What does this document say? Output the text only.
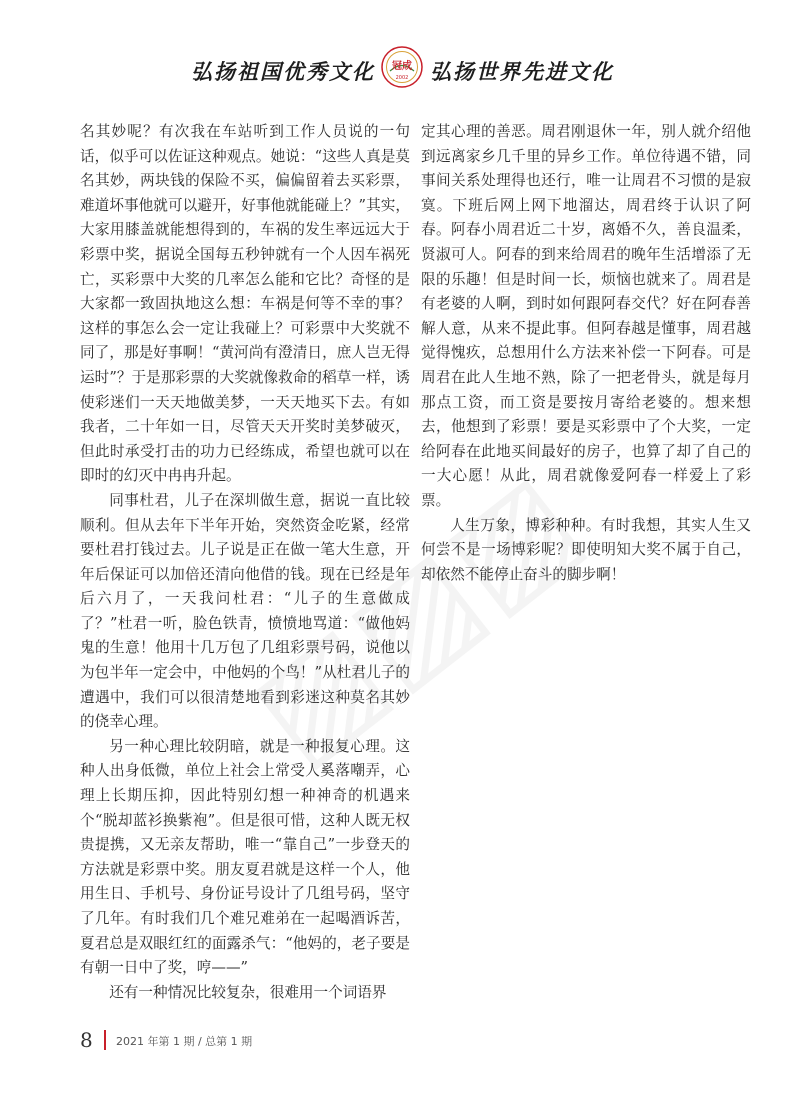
弘扬祖国优秀文化 冠成
2002 弘扬世界先进文化

名其妙呢？有次我在车站听到工作人员说的一句话，似乎可以佐证这种观点。她说：“这些人真是莫名其妙，两块钱的保险不买，偏偏留着去买彩票，难道坏事他就可以避开，好事他就能碰上？”其实，大家用膝盖就能想得到的，车祸的发生率远远大于彩票中奖，据说全国每五秒钟就有一个人因车祸死亡，买彩票中大奖的几率怎么能和它比？奇怪的是大家都一致固执地这么想：车祸是何等不幸的事？这样的事怎么会一定让我碰上？可彩票中大奖就不同了，那是好事啊！“黄河尚有澄清日，庶人岂无得运时”？于是那彩票的大奖就像救命的稻草一样，诱使彩迷们一天天地做美梦，一天天地买下去。有如我者，二十年如一日，尽管天天开奖时美梦破灭，但此时承受打击的功力已经练成，希望也就可以在即时的幻灭中冉冉升起。

同事杜君，儿子在深圳做生意，据说一直比较顺利。但从去年下半年开始，突然资金吃紧，经常要杜君打钱过去。儿子说是正在做一笔大生意，开年后保证可以加倍还清向他借的钱。现在已经是年后六月了，一天我问杜君：“儿子的生意做成了？”杜君一听，脸色铁青，愤愤地骂道：“做他妈鬼的生意！他用十几万包了几组彩票号码，说他以为包半年一定会中，中他妈的个鸟！”从杜君儿子的遭遇中，我们可以很清楚地看到彩迷这种莫名其妙的侥幸心理。

另一种心理比较阴暗，就是一种报复心理。这种人出身低微，单位上社会上常受人奚落嘲弄，心理上长期压抑，因此特别幻想一种神奇的机遇来个“脱却蓝衫换紫袍”。但是很可惜，这种人既无权贵提携，又无亲友帮助，唯一“靠自己”一步登天的方法就是彩票中奖。朋友夏君就是这样一个人，他用生日、手机号、身份证号设计了几组号码，坚守了几年。有时我们几个难兄难弟在一起喝酒诉苦，夏君总是双眼红红的面露杀气：“他妈的，老子要是有朝一日中了奖，哼——”

还有一种情况比较复杂，很难用一个词语界

定其心理的善恶。周君刚退休一年，别人就介绍他到远离家乡几千里的异乡工作。单位待遇不错，同事间关系处理得也还行，唯一让周君不习惯的是寂寞。下班后网上网下地溜达，周君终于认识了阿春。阿春小周君近二十岁，离婚不久，善良温柔，贤淑可人。阿春的到来给周君的晚年生活增添了无限的乐趣！但是时间一长，烦恼也就来了。周君是有老婆的人啊，到时如何跟阿春交代？好在阿春善解人意，从来不提此事。但阿春越是懂事，周君越觉得愧疚，总想用什么方法来补偿一下阿春。可是周君在此人生地不熟，除了一把老骨头，就是每月那点工资，而工资是要按月寄给老婆的。想来想去，他想到了彩票！要是买彩票中了个大奖，一定给阿春在此地买间最好的房子，也算了却了自己的一大心愿！从此，周君就像爱阿春一样爱上了彩票。

人生万象，博彩种种。有时我想，其实人生又何尝不是一场博彩呢？即使明知大奖不属于自己，却依然不能停止奋斗的脚步啊！

8 2021 年第 1 期 / 总第 1 期
